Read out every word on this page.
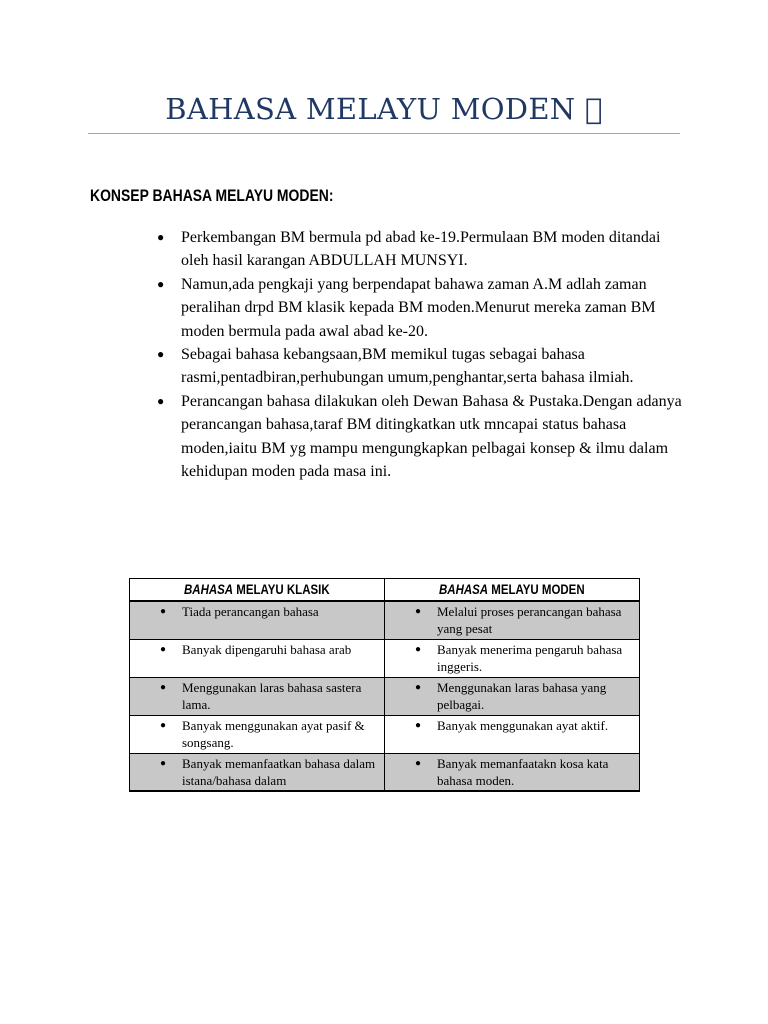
BAHASA MELAYU MODEN
KONSEP BAHASA MELAYU MODEN:
● Perkembangan BM bermula pd abad ke-19.Permulaan BM moden ditandai oleh hasil karangan ABDULLAH MUNSYI.
● Namun,ada pengkaji yang berpendapat bahawa zaman A.M adlah zaman peralihan drpd BM klasik kepada BM moden.Menurut mereka zaman BM moden bermula pada awal abad ke-20.
● Sebagai bahasa kebangsaan,BM memikul tugas sebagai bahasa rasmi,pentadbiran,perhubungan umum,penghantar,serta bahasa ilmiah.
● Perancangan bahasa dilakukan oleh Dewan Bahasa & Pustaka.Dengan adanya perancangan bahasa,taraf BM ditingkatkan utk mncapai status bahasa moden,iaitu BM yg mampu mengungkapkan pelbagai konsep & ilmu dalam kehidupan moden pada masa ini.
BAHASA MELAYU KLASIK	BAHASA MELAYU MODEN

● Tiada perancangan bahasa	● Melalui proses perancangan bahasa yang pesat

● Banyak dipengaruhi bahasa arab	● Banyak menerima pengaruh bahasa inggeris.

● Menggunakan laras bahasa sastera lama.	● Menggunakan laras bahasa yang pelbagai.

● Banyak menggunakan ayat pasif & songsang.	● Banyak menggunakan ayat aktif.

● Banyak memanfaatkan bahasa dalam istana/bahasa dalam	● Banyak memanfaatakn kosa kata bahasa moden.
